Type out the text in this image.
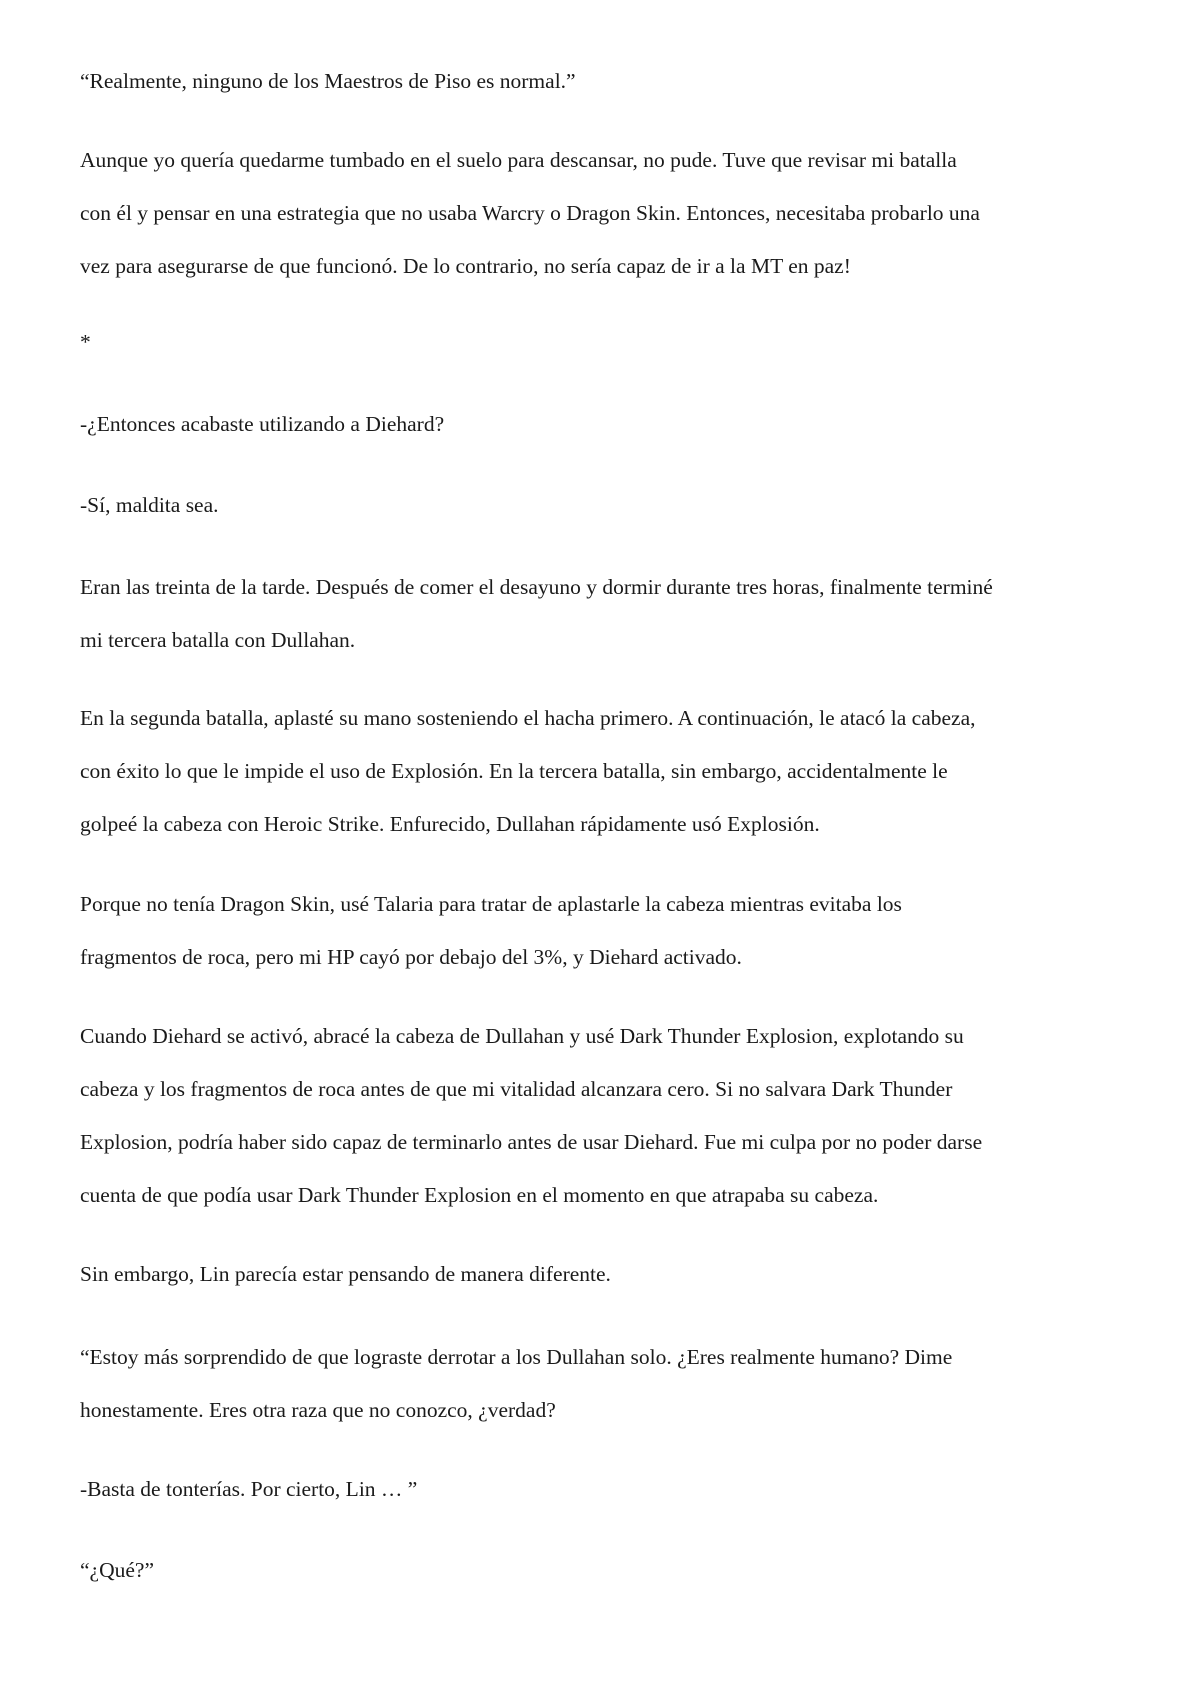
“Realmente, ninguno de los Maestros de Piso es normal.”

Aunque yo quería quedarme tumbado en el suelo para descansar, no pude. Tuve que revisar mi batalla
con él y pensar en una estrategia que no usaba Warcry o Dragon Skin. Entonces, necesitaba probarlo una
vez para asegurarse de que funcionó. De lo contrario, no sería capaz de ir a la MT en paz!

*

-¿Entonces acabaste utilizando a Diehard?

-Sí, maldita sea.

Eran las treinta de la tarde. Después de comer el desayuno y dormir durante tres horas, finalmente terminé
mi tercera batalla con Dullahan.

En la segunda batalla, aplasté su mano sosteniendo el hacha primero. A continuación, le atacó la cabeza,
con éxito lo que le impide el uso de Explosión. En la tercera batalla, sin embargo, accidentalmente le
golpeé la cabeza con Heroic Strike. Enfurecido, Dullahan rápidamente usó Explosión.

Porque no tenía Dragon Skin, usé Talaria para tratar de aplastarle la cabeza mientras evitaba los
fragmentos de roca, pero mi HP cayó por debajo del 3%, y Diehard activado.

Cuando Diehard se activó, abracé la cabeza de Dullahan y usé Dark Thunder Explosion, explotando su
cabeza y los fragmentos de roca antes de que mi vitalidad alcanzara cero. Si no salvara Dark Thunder
Explosion, podría haber sido capaz de terminarlo antes de usar Diehard. Fue mi culpa por no poder darse
cuenta de que podía usar Dark Thunder Explosion en el momento en que atrapaba su cabeza.

Sin embargo, Lin parecía estar pensando de manera diferente.

“Estoy más sorprendido de que lograste derrotar a los Dullahan solo. ¿Eres realmente humano? Dime
honestamente. Eres otra raza que no conozco, ¿verdad?

-Basta de tonterías. Por cierto, Lin … ”

“¿Qué?”
